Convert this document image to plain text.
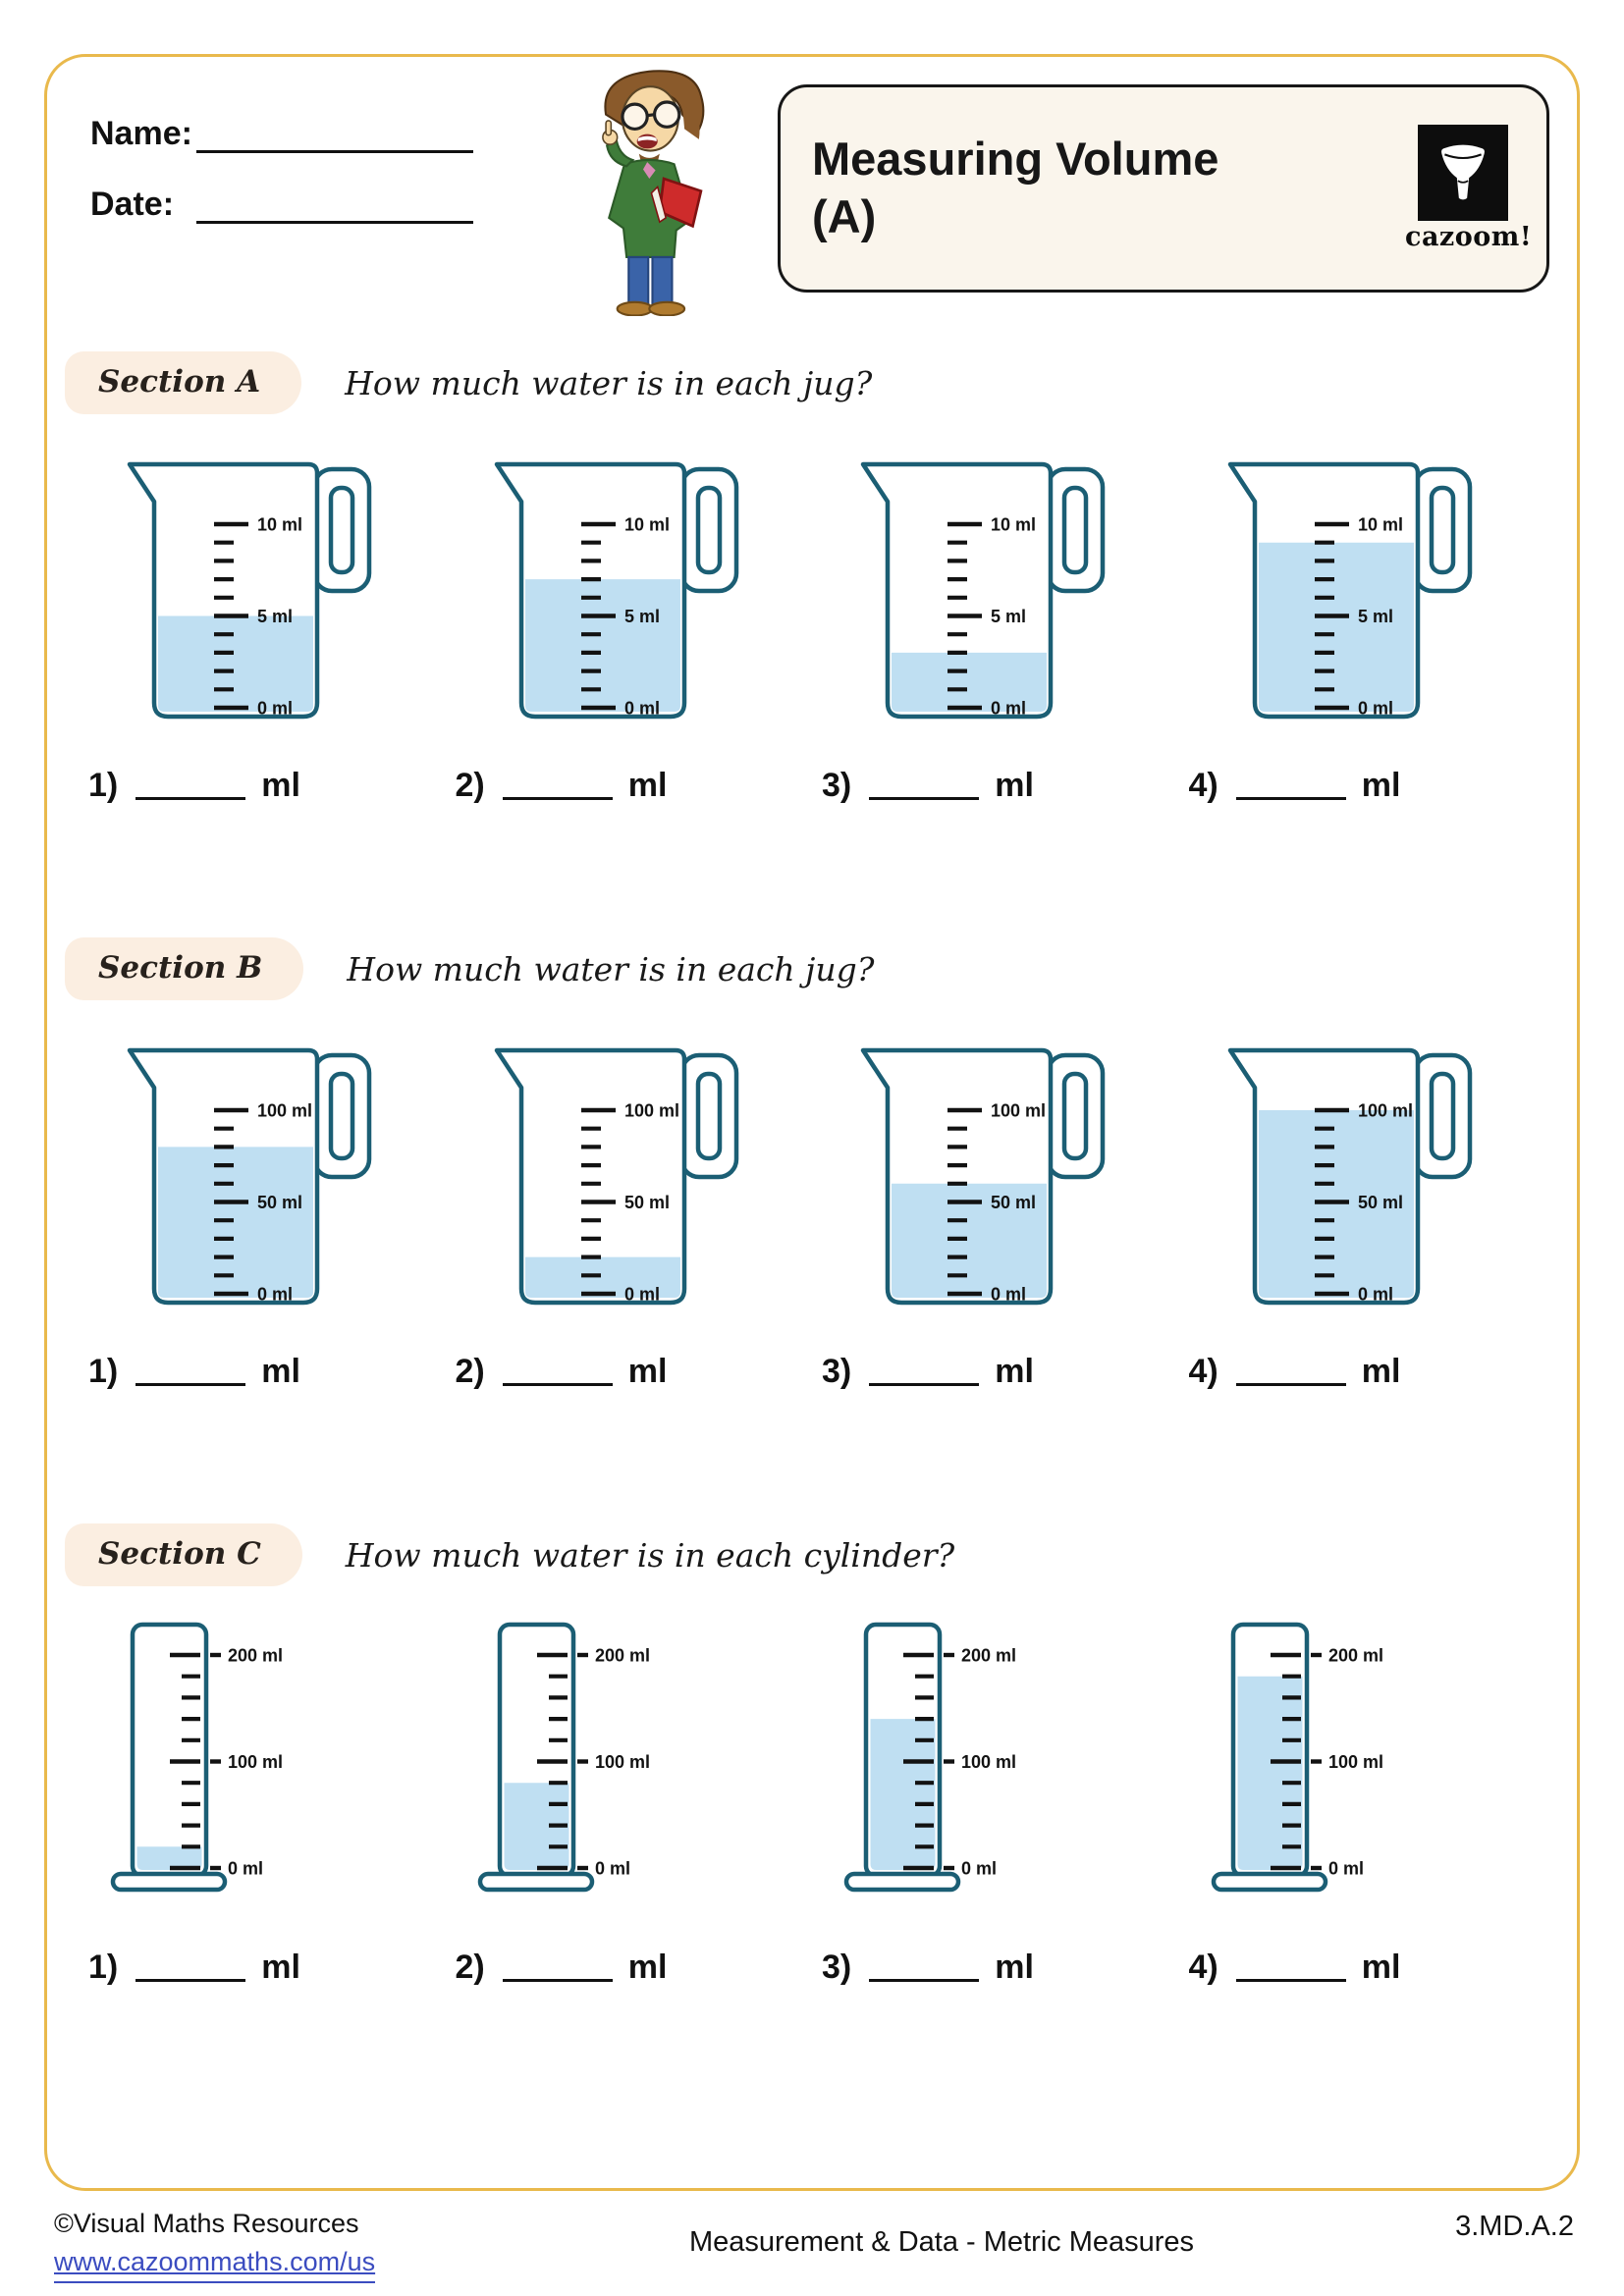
Name:
Date:
Measuring Volume
(A)	cazoom!
Section A	How much water is in each jug?
0 ml
5 ml
10 ml
0 ml
5 ml
10 ml
0 ml
5 ml
10 ml
0 ml
5 ml
10 ml
1)	ml	2)	ml	3)	ml	4)	ml
Section B	How much water is in each jug?
0 ml
50 ml
100 ml
0 ml
50 ml
100 ml
0 ml
50 ml
100 ml
0 ml
50 ml
100 ml
1)	ml	2)	ml	3)	ml	4)	ml
Section C	How much water is in each cylinder?
0 ml
100 ml
200 ml
0 ml
100 ml
200 ml
0 ml
100 ml
200 ml
0 ml
100 ml
200 ml
1)	ml	2)	ml	3)	ml	4)	ml
©Visual Maths Resources
www.cazoommaths.com/us
Measurement & Data - Metric Measures	3.MD.A.2
